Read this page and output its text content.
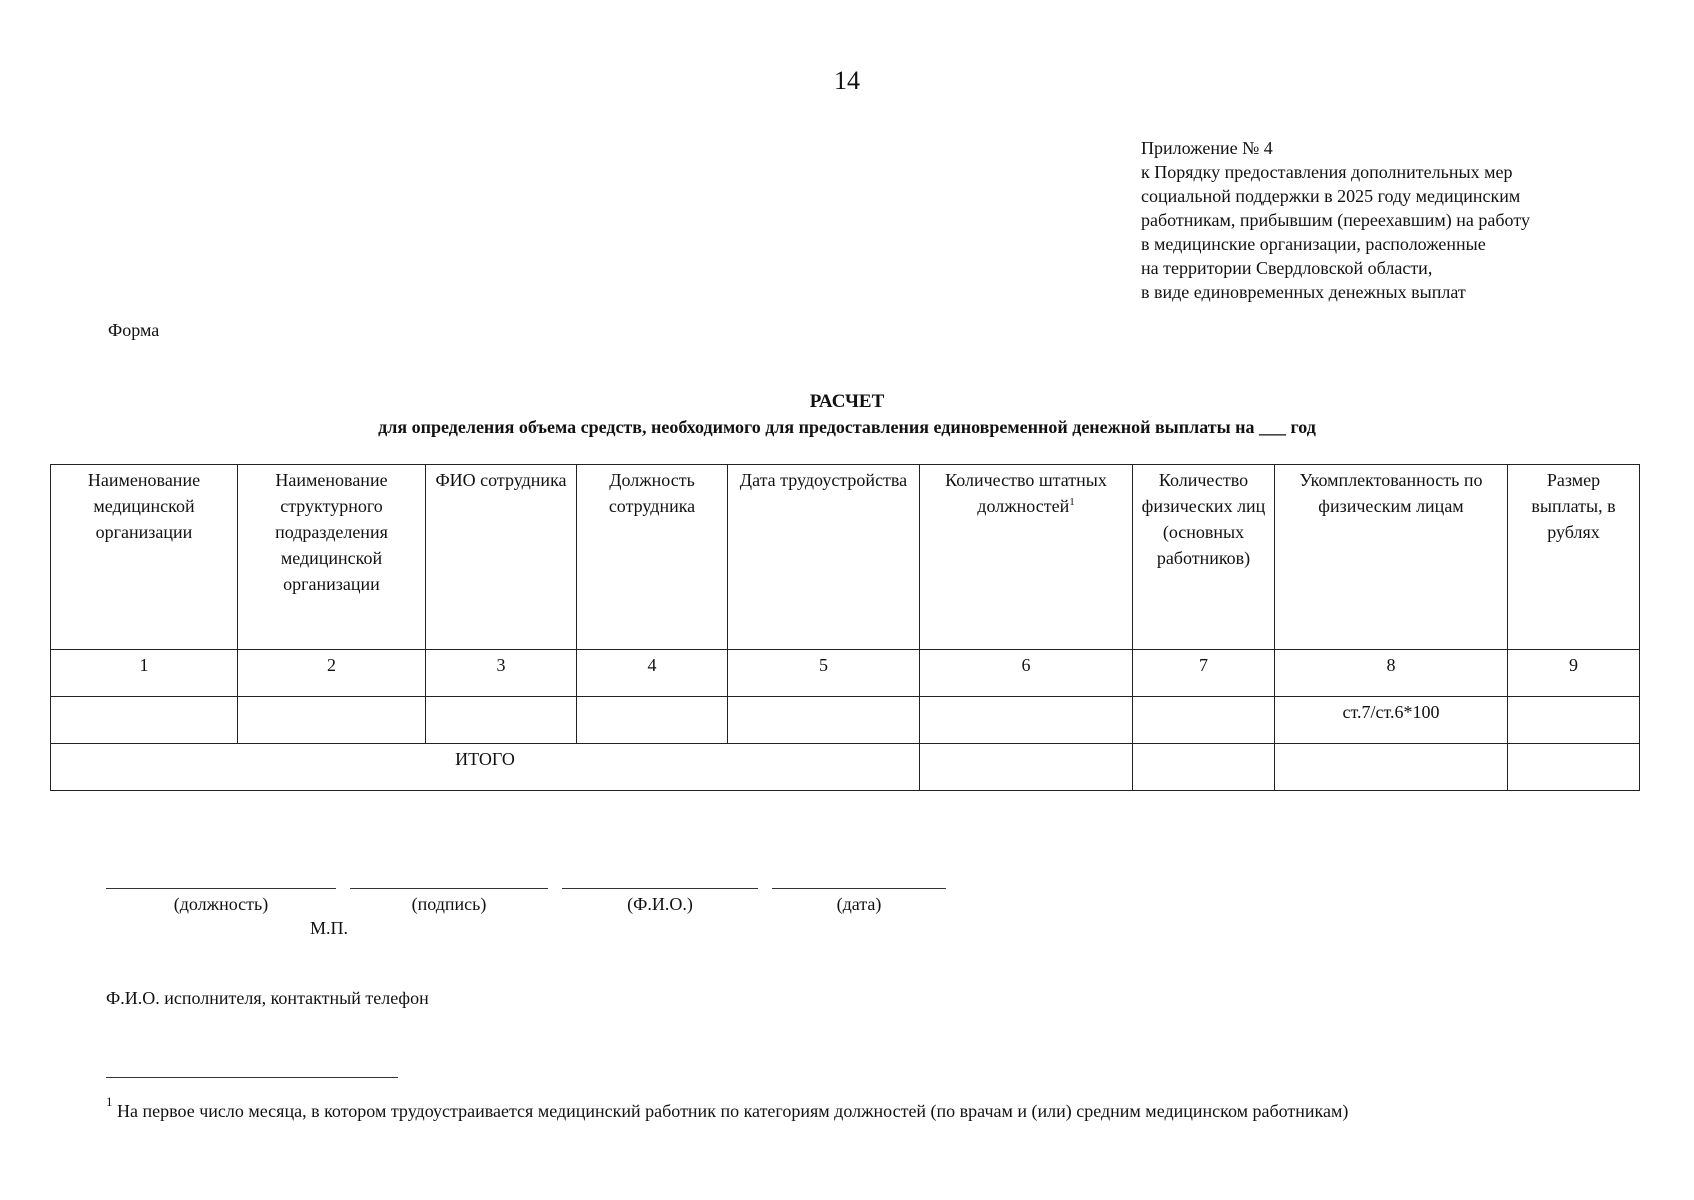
14
Приложение № 4
к Порядку предоставления дополнительных мер
социальной поддержки в 2025 году медицинским
работникам, прибывшим (переехавшим) на работу
в медицинские организации, расположенные
на территории Свердловской области,
в виде единовременных денежных выплат
Форма
РАСЧЕТ
для определения объема средств, необходимого для предоставления единовременной денежной выплаты на ___ год
Наименование медицинской организации	Наименование структурного подразделения медицинской организации	ФИО сотрудника	Должность сотрудника	Дата трудоустройства	Количество штатных должностей$^1$	Количество физических лиц (основных работников)	Укомплектованность по физическим лицам	Размер выплаты, в рублях
1	2	3	4	5	6	7	8	9
							ст.7/ст.6*100	
ИТОГО								
(должность)	(подпись)	(Ф.И.О.)	(дата)
М.П.
Ф.И.О. исполнителя, контактный телефон
$^1$ На первое число месяца, в котором трудоустраивается медицинский работник по категориям должностей (по врачам и (или) средним медицинском работникам)
